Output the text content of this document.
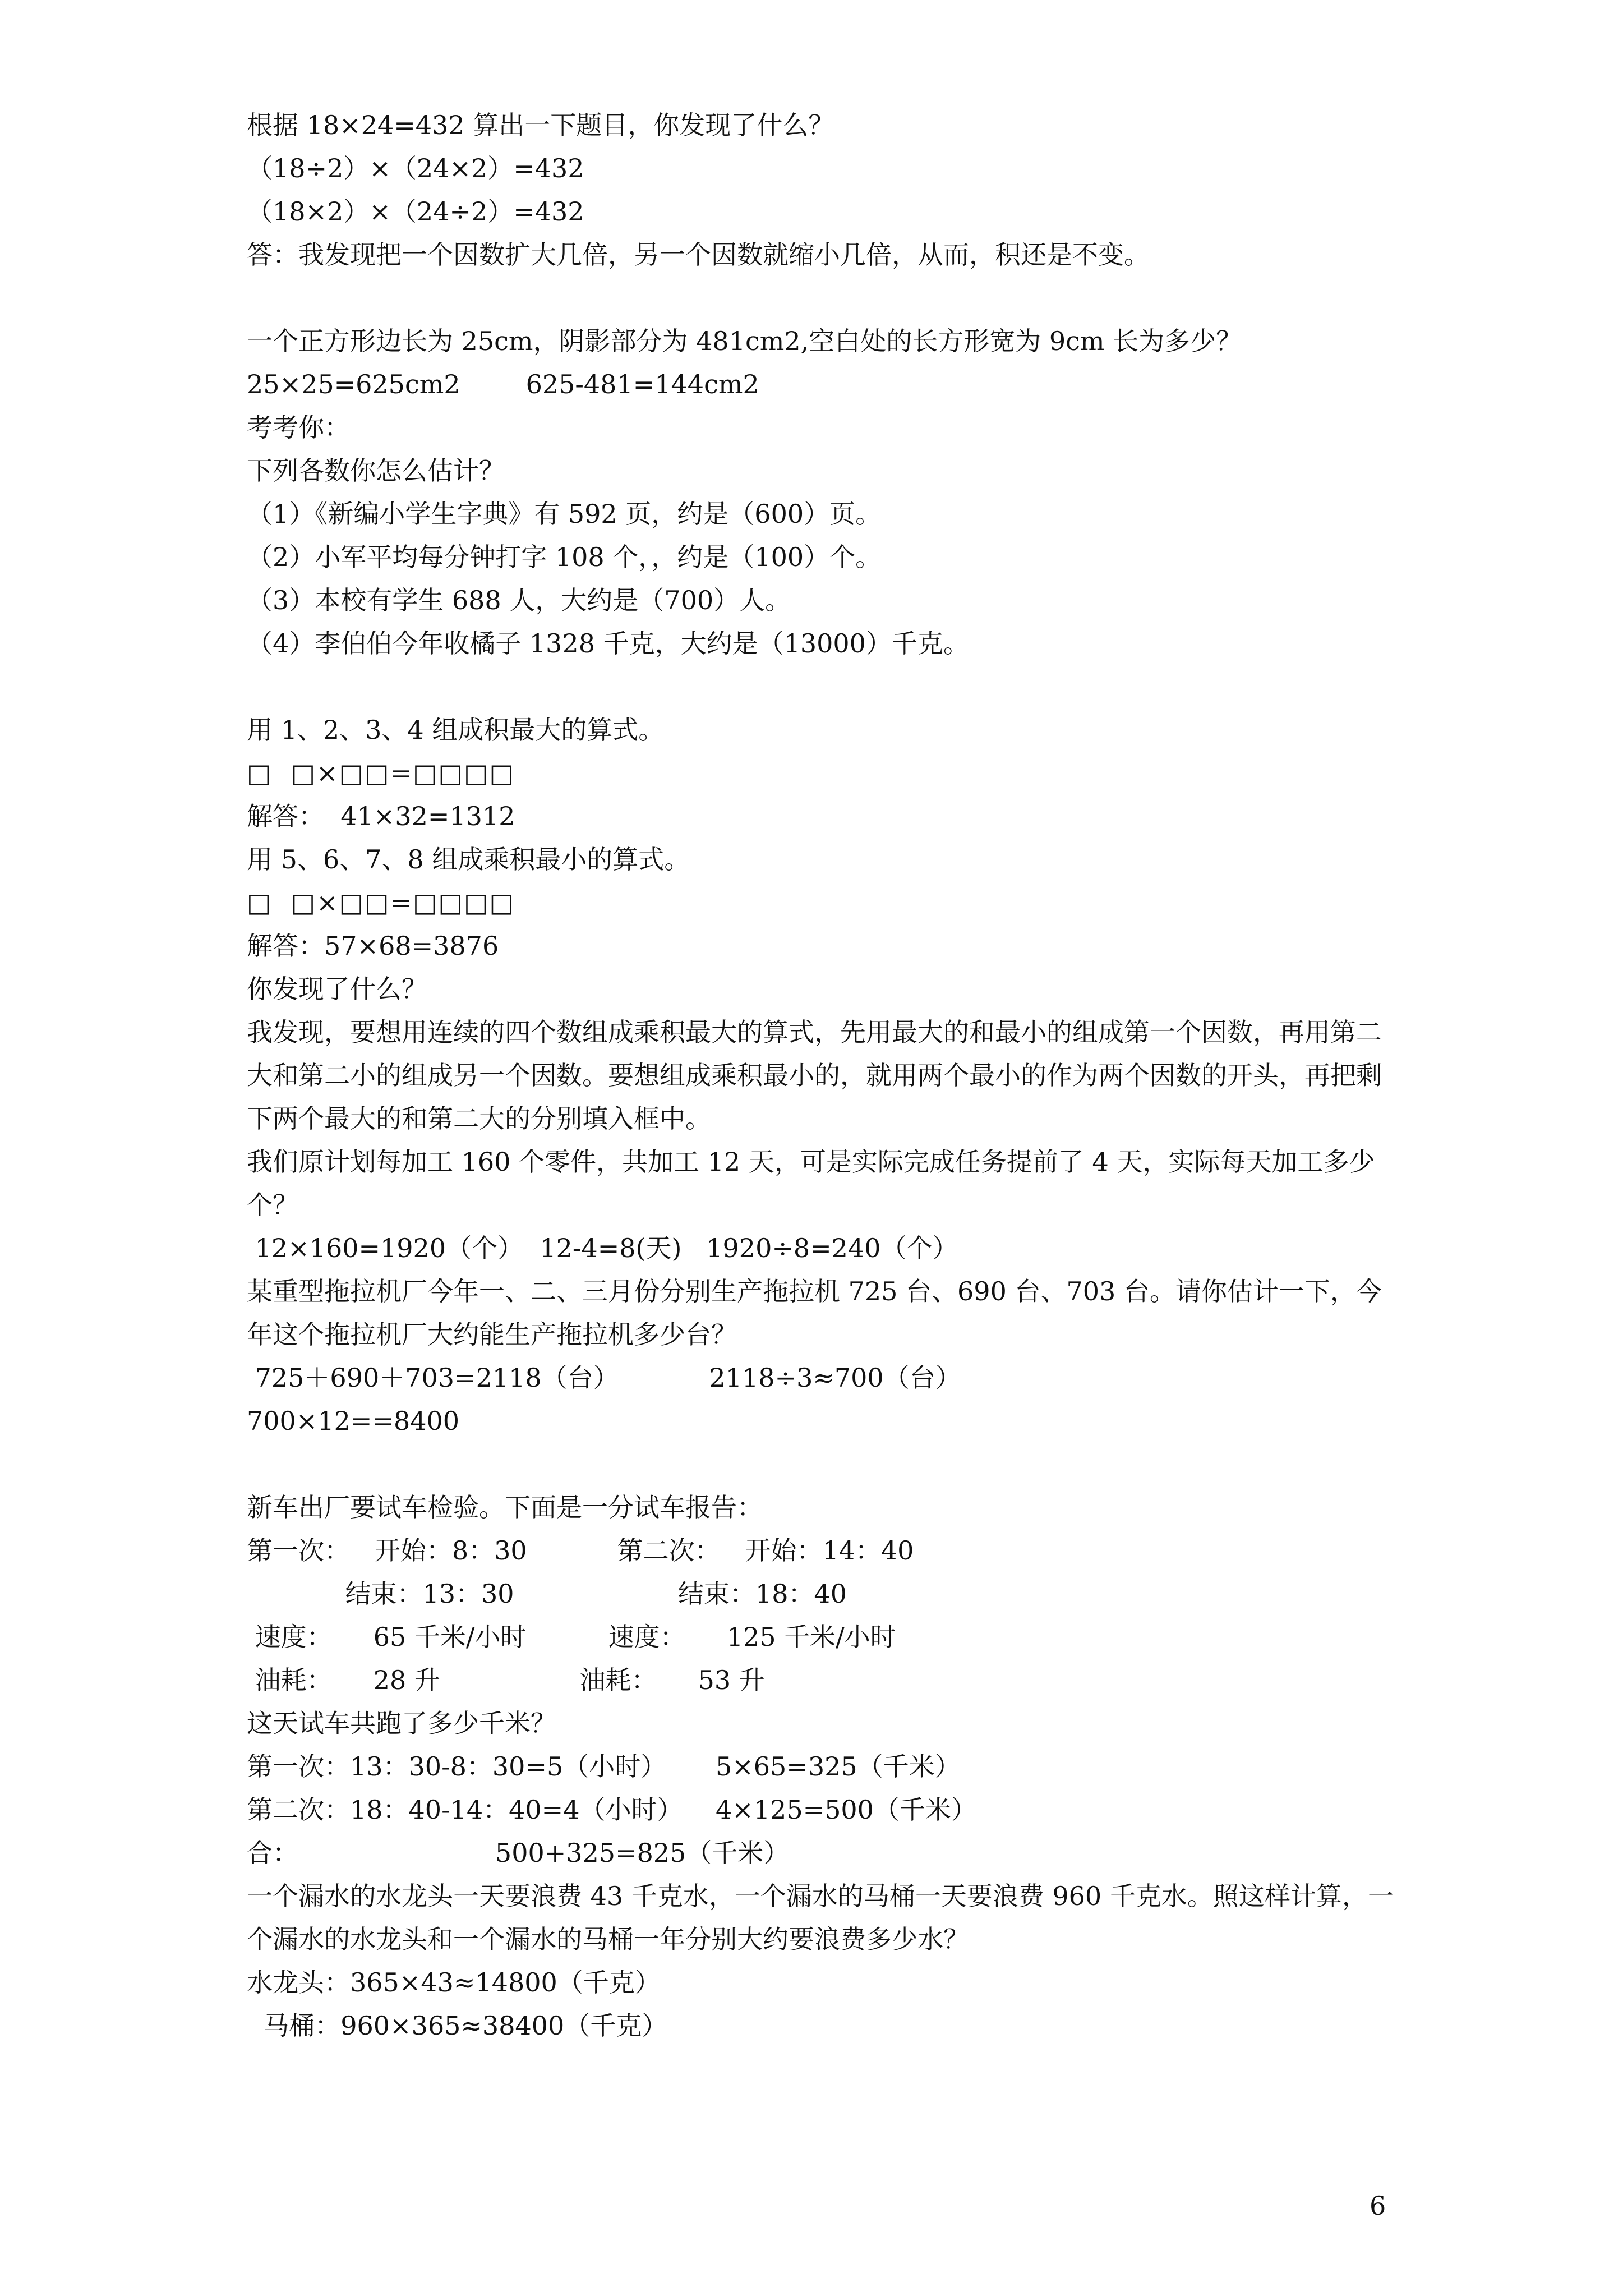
根据 18×24=432 算出一下题目，你发现了什么？
（18÷2）×（24×2）=432
（18×2）×（24÷2）=432
答：我发现把一个因数扩大几倍，另一个因数就缩小几倍，从而，积还是不变。
一个正方形边长为 25cm，阴影部分为 481cm2,空白处的长方形宽为 9cm 长为多少？
25×25=625cm2        625-481=144cm2
考考你：
下列各数你怎么估计？
（1）《新编小学生字典》有 592 页，约是（600）页。
（2）小军平均每分钟打字 108 个，，约是（100）个。
（3）本校有学生 688 人，大约是（700）人。
（4）李伯伯今年收橘子 1328 千克，大约是（13000）千克。
用 1、2、3、4 组成积最大的算式。
□  □×□□=□□□□
解答：  41×32=1312
用 5、6、7、8 组成乘积最小的算式。
□  □×□□=□□□□
解答：57×68=3876
你发现了什么？
我发现，要想用连续的四个数组成乘积最大的算式，先用最大的和最小的组成第一个因数，再用第二大和第二小的组成另一个因数。要想组成乘积最小的，就用两个最小的作为两个因数的开头，再把剩下两个最大的和第二大的分别填入框中。
我们原计划每加工 160 个零件，共加工 12 天，可是实际完成任务提前了 4 天，实际每天加工多少个？
12×160=1920（个）  12-4=8(天)   1920÷8=240（个）
某重型拖拉机厂今年一、二、三月份分别生产拖拉机 725 台、690 台、703 台。请你估计一下，今年这个拖拉机厂大约能生产拖拉机多少台？
725＋690＋703=2118（台）           2118÷3≈700（台）
700×12==8400
新车出厂要试车检验。下面是一分试车报告：
第一次：   开始：8：30           第二次：   开始：14：40
结束：13：30                    结束：18：40
速度：     65 千米/小时          速度：     125 千米/小时
油耗：     28 升                 油耗：     53 升
这天试车共跑了多少千米？
第一次：13：30-8：30=5（小时）      5×65=325（千米）
第二次：18：40-14：40=4（小时）    4×125=500（千米）
合：                        500+325=825（千米）
一个漏水的水龙头一天要浪费 43 千克水，一个漏水的马桶一天要浪费 960 千克水。照这样计算，一个漏水的水龙头和一个漏水的马桶一年分别大约要浪费多少水？
水龙头：365×43≈14800（千克）
马桶：960×365≈38400（千克）
6
